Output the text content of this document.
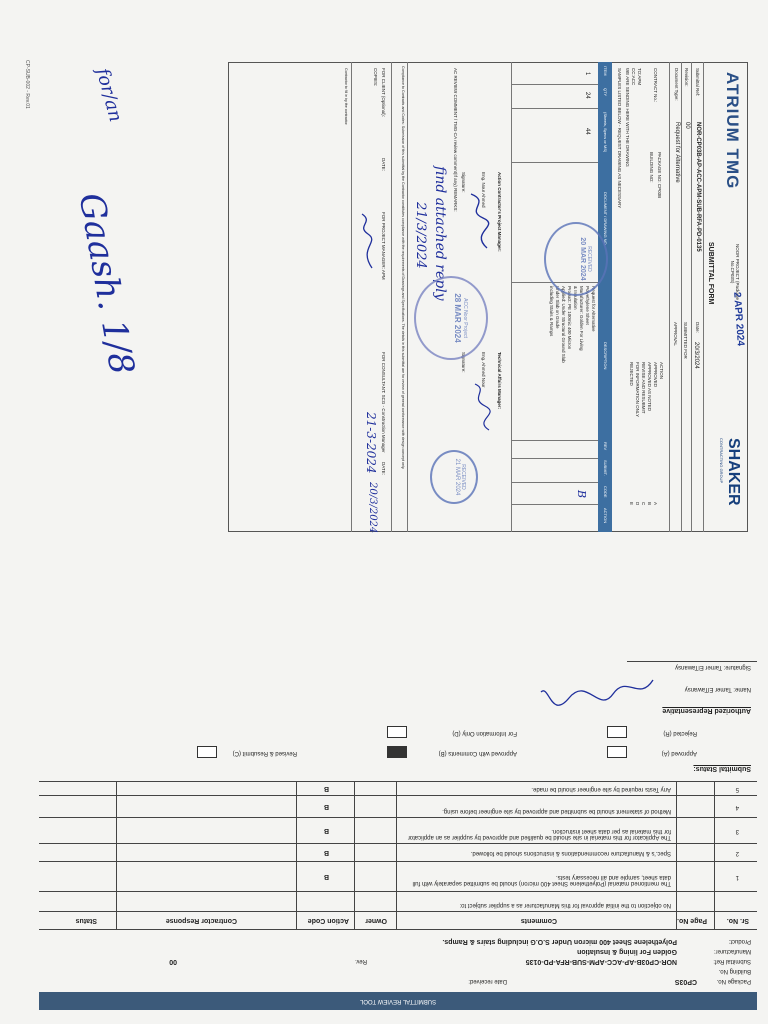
CP-SUB-002 - Rev.01
Gaash. 1/8
for/an	ATRIUM TMG
NOOR PROJECT (Package No.CP03S)
2 APR 2024
SHAKER
CONTRACTING GROUP
SUBMITTAL FORM
Submittal Ref:
NOR-CP03B-AP-ACC-APM-SUB-RFA-PD-0135
Date:
20/3/2024
Revision:
00
SUBMITTED FOR
Document Type:
Request for Alternative
APPROVAL
CONTRACT No.:
PACKAGE NO: CP03B
BUILDING NO:
TO:APM
CC:ACC
WE ARE SENDING HERE WITH THE DRAWING
SAMPLES LISTED BELOW - REQUEST DRAWING AS NECESSARY
ACTION
APPROVED
APPROVED AS NOTED
REVISE AND RESUBMIT
FOR INFORMATION ONLY
REJECTED
A
B
C
D
E
ITEM
QTY
(Sheets, Specs or MS)
DOCUMENT / DRAWING NO.
DESCRIPTION
REV
SUBMIT.
CODE
ACTION
1
24
44
Request for Alternative
Polyethylene Sheet
Manufacturer: Golden For Living
& Insulation
Product: PE 100mic 400 Micron
Applied: Under Structural Ground Slab
Under Slab on Grade
including Stairs & Ramps
B
Action Contractor's Project Manager:
Eng. Nour Ahmed
Signature:
Technical Affairs Manager:
Eng. Ahmed Nour
Signature:
AC REVIEW COMMENT / TMG-CA review comment(If any) REMARKS:
find attached reply
21/3/2024	RECEIVED
20 MAR 2024
ACC Noor Project
28 MAR 2024
RECEIVED
21 MAR 2024
Compliance to Contracts and Codes: Submission of this submittal by the Contractor constitutes compliance with the requirements of Drawings and Specifications. The details in this submittal are for review of general conformance with design concept only.
FOR CLIENT (Optional):
COPIES:
DATE:
FOR PROJECT MANAGER: APM
FOR CONSULTANT: SCG - Construction Manager
DATE:
21-3-2024
20/3/2024
Contractor to fill in by the contractor
SUBMITTAL REVIEW TOOL
Package No.
CP03S
Date received:
Building No.
Submittal Ref:
NOR-CP03B-AP-ACC-APM-SUB-RFA-PD-0135
Rev.
00
Manufacturer:
Golden For lining & Insulation
Product:
Polyethelene Sheet 400 micron Under S.O.G including stairs & Ramps.
Sr. No.
Page No.
Comments
Owner
Action Code
Contractor Response
Status
No objection to the initial approval for this Manufacturer as a supplier subject to:
1
The mentioned material (Polyethelene Sheet 400 micron) should be submitted separately with full data sheet, sample and all necessary tests.
B
2
Spec.'s & Manufacture recommendations & instructions should be followed.
B
3
The Applicator for this material in site should be qualified and approved by supplier as an applicator for this material as per data sheet instruction.
B
4
Method of statement should be submitted and approved by site engineer before using.
B
5
Any Tests required by site engineer should be made.
B
Submittal Status:
Approved (A)
Approved with Comments (B)
Revised & Resubmit (C)
Rejected (R)
For Information Only (D)
Authorized Representative
Name: Tamer ElTawansy
Signature: Tamer ElTawansy
